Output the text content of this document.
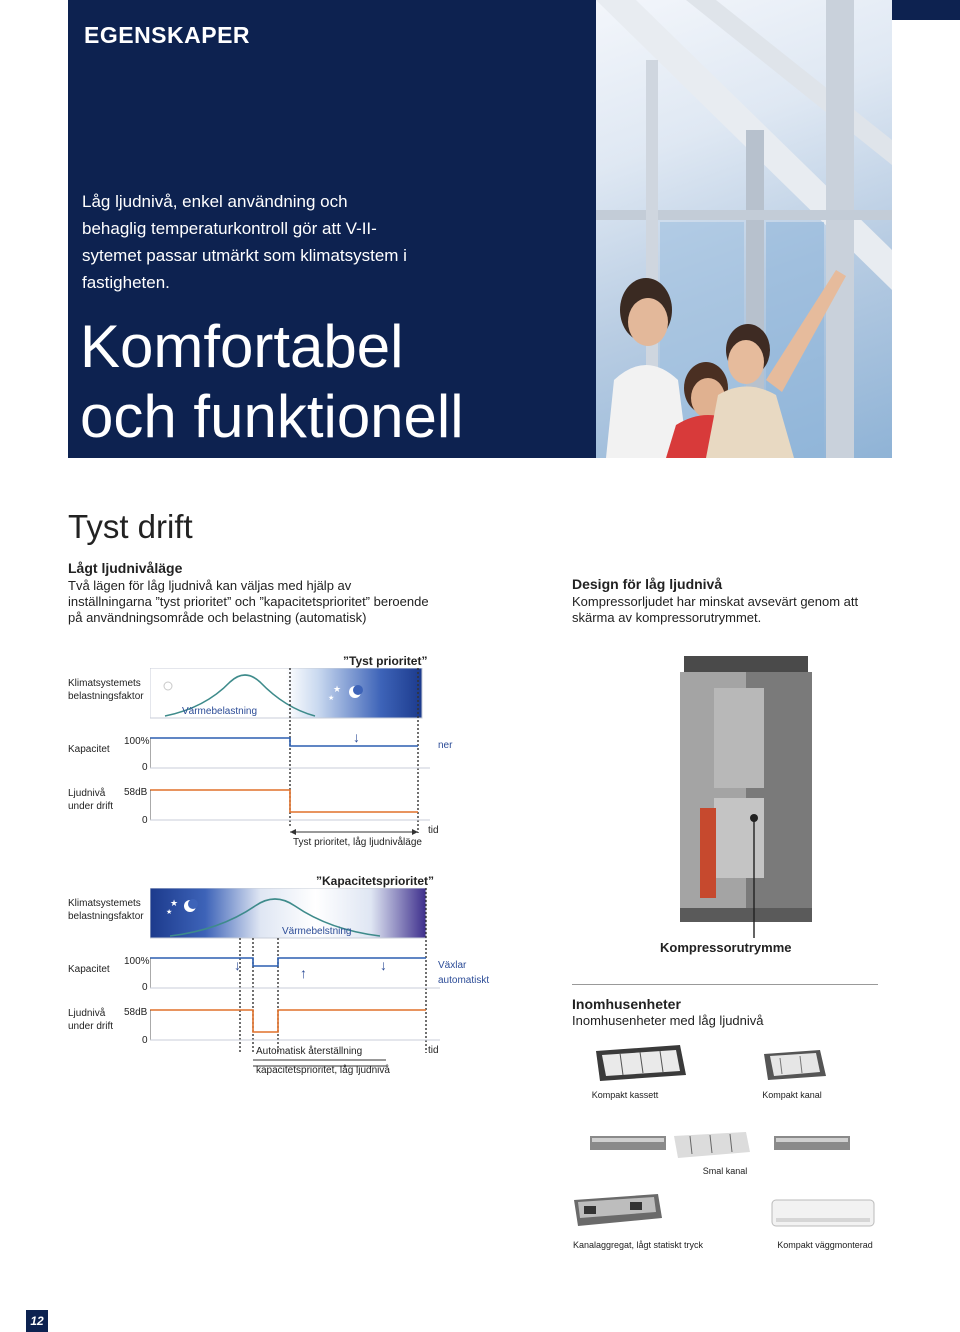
EGENSKAPER
Låg ljudnivå, enkel användning och behaglig temperaturkontroll gör att V-II-sytemet passar utmärkt som klimatsystem i fastigheten.
Komfortabel
och funktionell
Tyst drift
Lågt ljudnivåläge
Två lägen för låg ljudnivå kan väljas med hjälp av inställningarna ”tyst prioritet” och ”kapacitetsprioritet” beroende på användningsområde och belastning (automatisk)
Design för låg ljudnivå
Kompressorljudet har minskat avsevärt genom att skärma av kompressorutrymmet.
”Tyst prioritet”
Klimatsystemets
belastningsfaktor
★
★
↓
Värmebelastning
Kapacitet
100%
0
ner
Ljudnivå
under drift
58dB
0
tid
Tyst prioritet, låg ljudnivåläge
”Kapacitetsprioritet”
Klimatsystemets
belastningsfaktor
★
★
↓	↑	↓
Värmebelstning
Kapacitet
100%
0
Växlar
automatiskt
Ljudnivå
under drift
58dB
0
tid
Automatisk återställning
kapacitetsprioritet, låg ljudnivå
Kompressorutrymme
Inomhusenheter
Inomhusenheter med låg ljudnivå
Kompakt kassett	Kompakt kanal
Smal kanal
Kanalaggregat, lågt statiskt tryck	Kompakt väggmonterad
12
